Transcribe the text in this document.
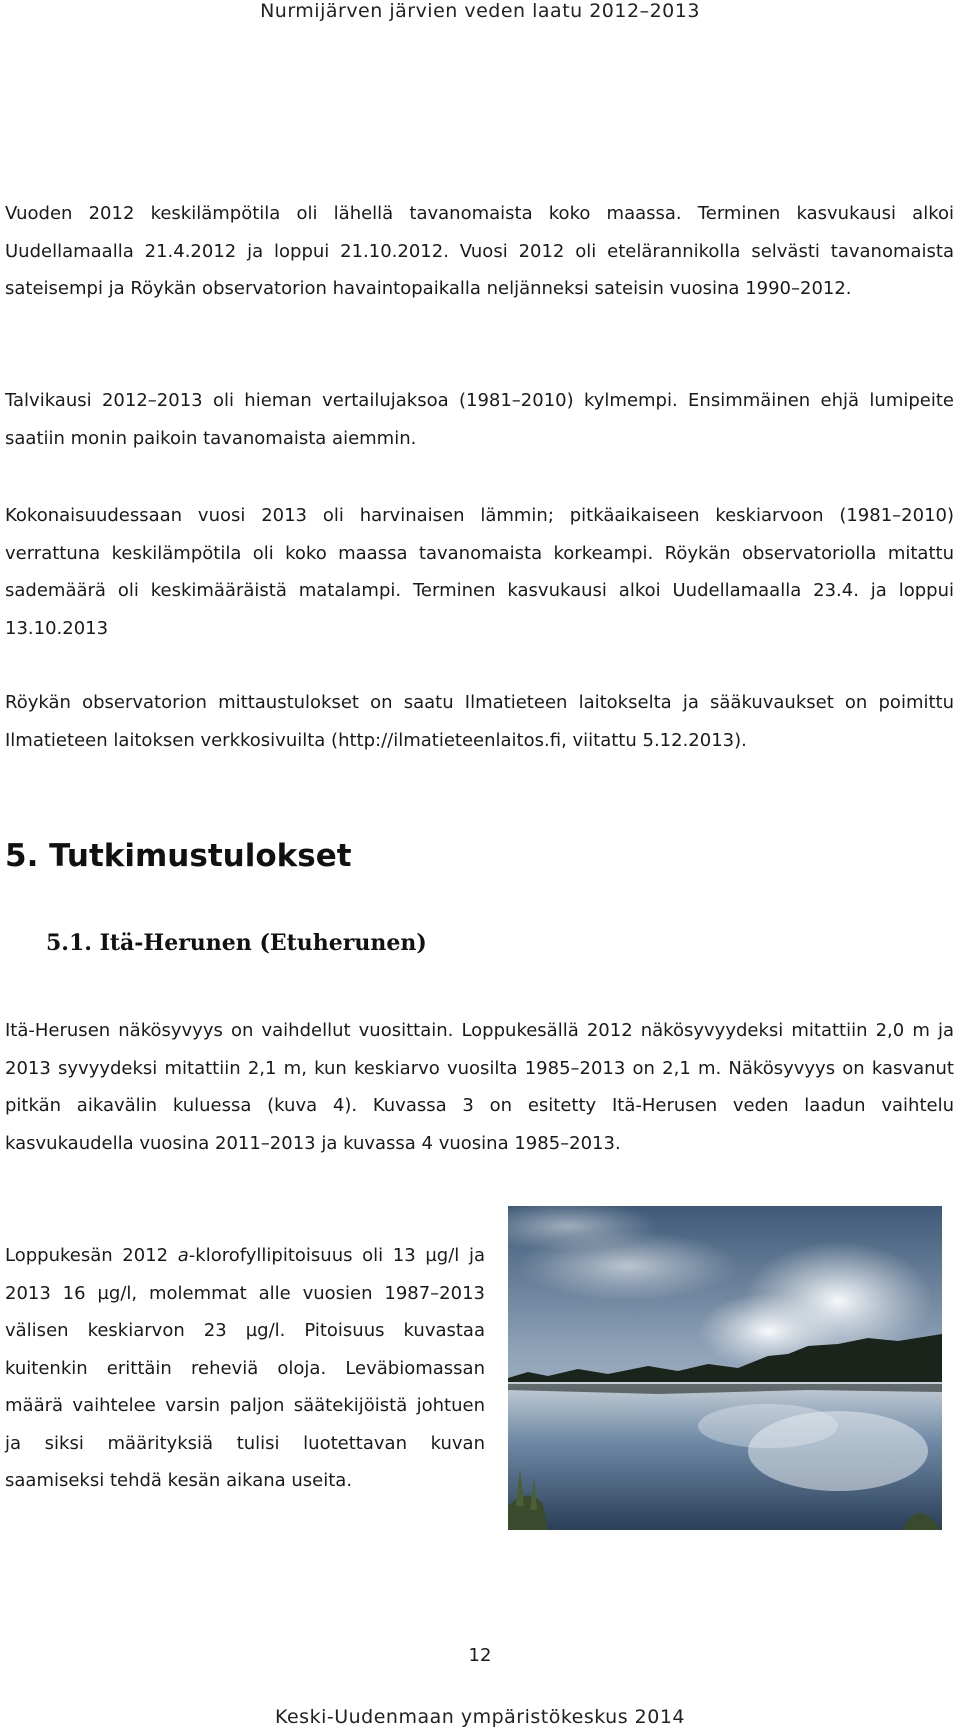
Nurmijärven järvien veden laatu 2012–2013

Vuoden 2012 keskilämpötila oli lähellä tavanomaista koko maassa. Terminen kasvukausi alkoi Uudellamaalla 21.4.2012 ja loppui 21.10.2012. Vuosi 2012 oli etelärannikolla selvästi tavanomaista sateisempi ja Röykän observatorion havaintopaikalla neljänneksi sateisin vuosina 1990–2012.

Talvikausi 2012–2013 oli hieman vertailujaksoa (1981–2010) kylmempi. Ensimmäinen ehjä lumipeite saatiin monin paikoin tavanomaista aiemmin.

Kokonaisuudessaan vuosi 2013 oli harvinaisen lämmin; pitkäaikaiseen keskiarvoon (1981–2010) verrattuna keskilämpötila oli koko maassa tavanomaista korkeampi. Röykän observatoriolla mitattu sademäärä oli keskimääräistä matalampi. Terminen kasvukausi alkoi Uudellamaalla 23.4. ja loppui 13.10.2013

Röykän observatorion mittaustulokset on saatu Ilmatieteen laitokselta ja sääkuvaukset on poimittu Ilmatieteen laitoksen verkkosivuilta (http://ilmatieteenlaitos.fi, viitattu 5.12.2013).

5. Tutkimustulokset
5.1. Itä-Herunen (Etuherunen)

Itä-Herusen näkösyvyys on vaihdellut vuosittain. Loppukesällä 2012 näkösyvyydeksi mitattiin 2,0 m ja 2013 syvyydeksi mitattiin 2,1 m, kun keskiarvo vuosilta 1985–2013 on 2,1 m. Näkösyvyys on kasvanut pitkän aikavälin kuluessa (kuva 4). Kuvassa 3 on esitetty Itä-Herusen veden laadun vaihtelu kasvukaudella vuosina 2011–2013 ja kuvassa 4 vuosina 1985–2013.

Loppukesän 2012 a-klorofyllipitoisuus oli 13 µg/l ja 2013 16 µg/l, molemmat alle vuosien 1987–2013 välisen keskiarvon 23 µg/l. Pitoisuus kuvastaa kuitenkin erittäin reheviä oloja. Leväbiomassan määrä vaihtelee varsin paljon säätekijöistä johtuen ja siksi määrityksiä tulisi luotettavan kuvan saamiseksi tehdä kesän aikana useita.

12
Keski-Uudenmaan ympäristökeskus 2014
